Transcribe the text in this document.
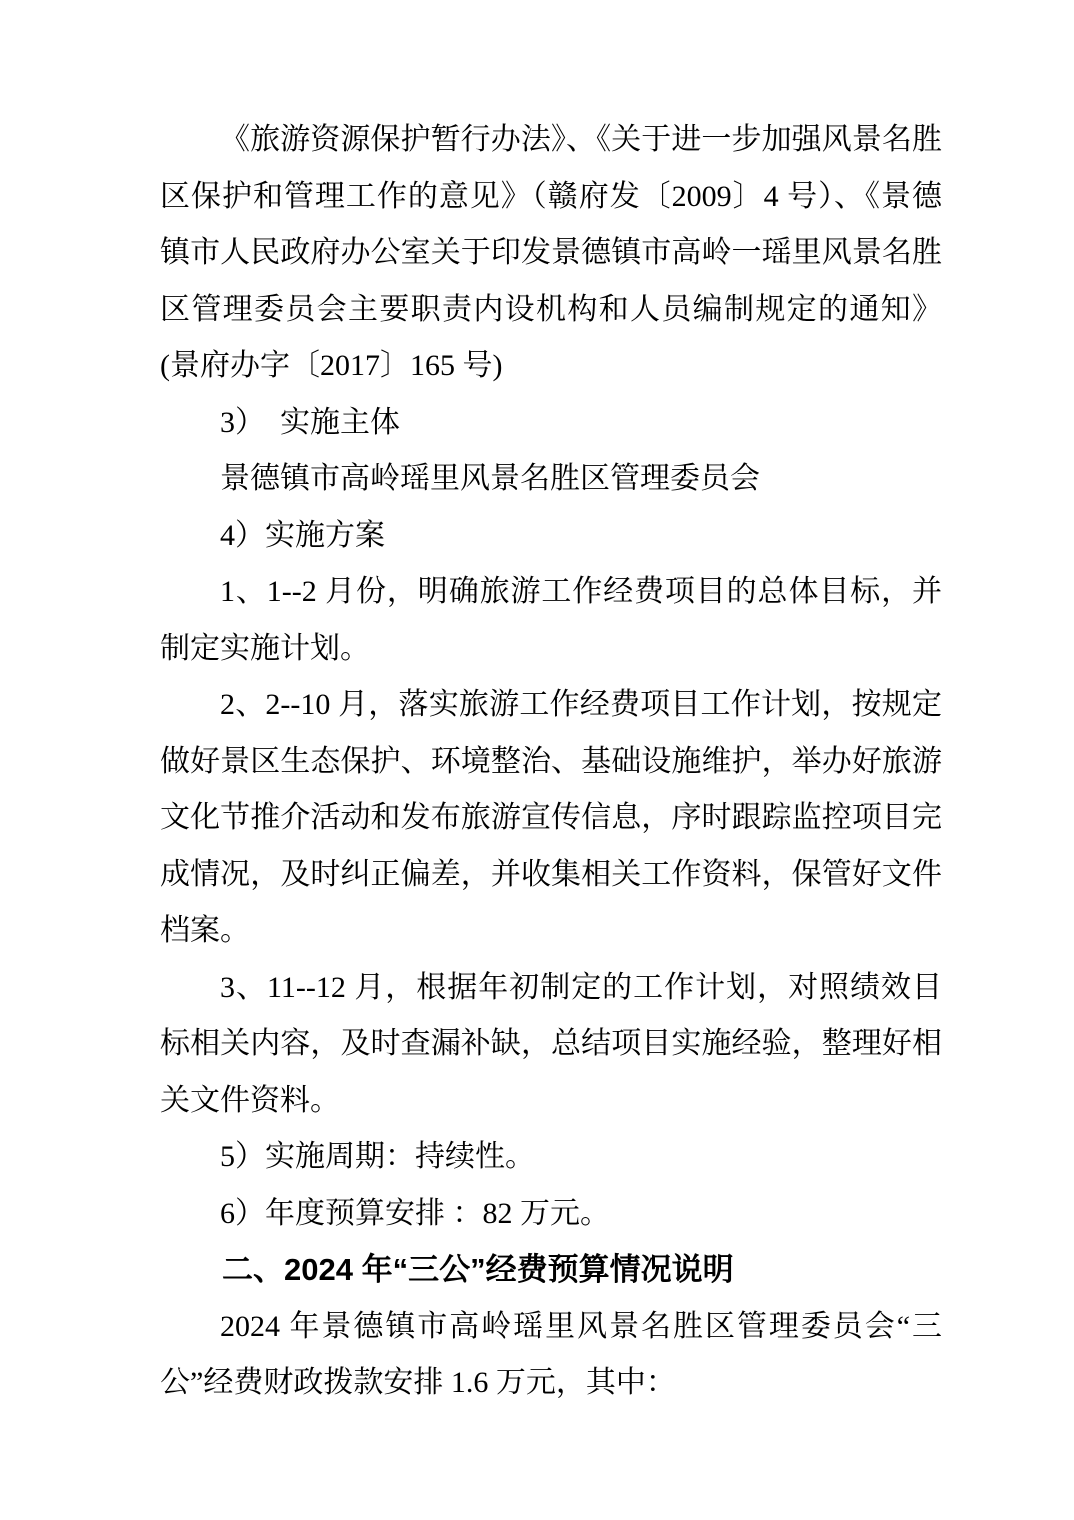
《旅游资源保护暂行办法》、《关于进一步加强风景名胜区保护和管理工作的意见》（赣府发〔2009〕4 号）、《景德镇市人民政府办公室关于印发景德镇市高岭一瑶里风景名胜区管理委员会主要职责内设机构和人员编制规定的通知》(景府办字〔2017〕165 号)

3）　实施主体

景德镇市高岭瑶里风景名胜区管理委员会

4）实施方案

1、1--2 月份，明确旅游工作经费项目的总体目标，并制定实施计划。

2、2--10 月，落实旅游工作经费项目工作计划，按规定做好景区生态保护、环境整治、基础设施维护，举办好旅游文化节推介活动和发布旅游宣传信息，序时跟踪监控项目完成情况，及时纠正偏差，并收集相关工作资料，保管好文件档案。

3、11--12 月，根据年初制定的工作计划，对照绩效目标相关内容，及时查漏补缺，总结项目实施经验，整理好相关文件资料。

5）实施周期：持续性。

6）年度预算安排 ：82 万元。

二、2024 年“三公”经费预算情况说明

2024 年景德镇市高岭瑶里风景名胜区管理委员会“三公”经费财政拨款安排 1.6 万元，其中：
